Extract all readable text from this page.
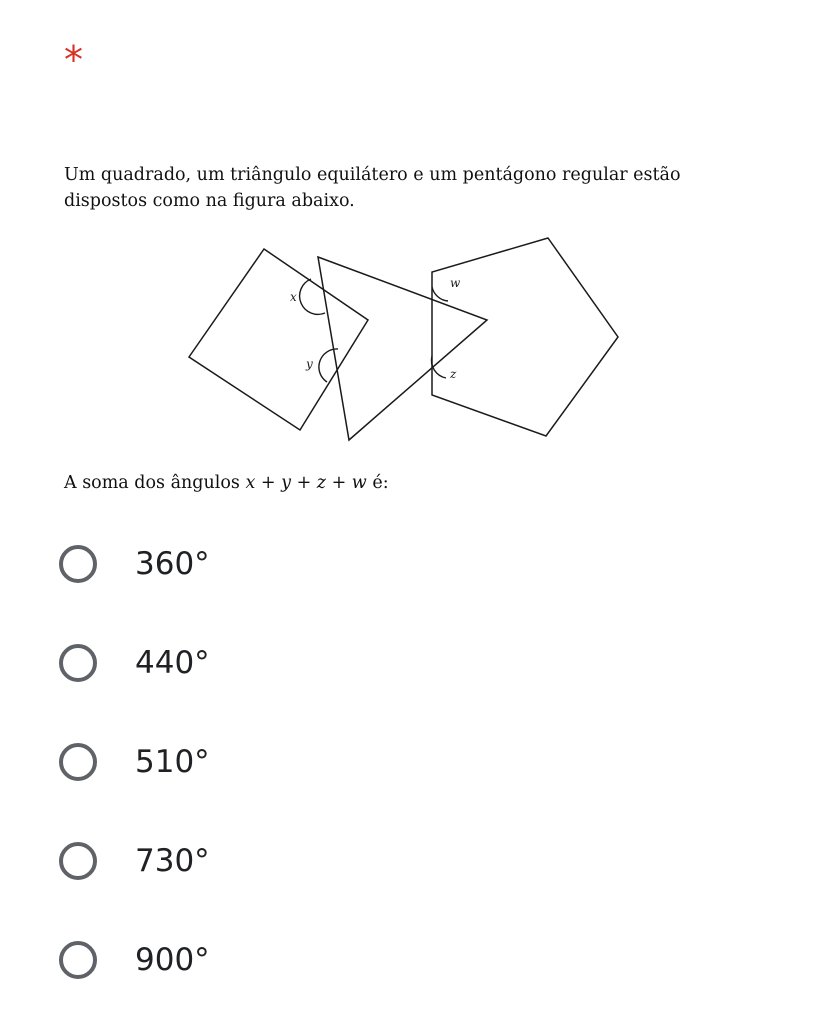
*
Um quadrado, um triângulo equilátero e um pentágono regular estão dispostos como na figura abaixo.
x
y
w
z
A soma dos ângulos x + y + z + w é:
360°
440°
510°
730°
900°
